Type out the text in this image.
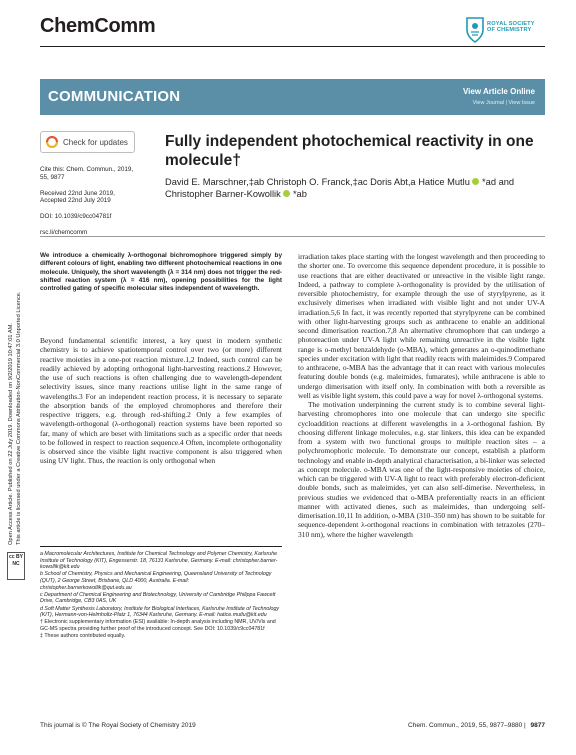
ChemComm	ROYAL SOCIETY
OF CHEMISTRY
COMMUNICATION	View Article Online
View Journal | View Issue
Check for updates
Cite this: Chem. Commun., 2019,
55, 9877
Received 22nd June 2019,
Accepted 22nd July 2019
DOI: 10.1039/c9cc04781f
rsc.li/chemcomm
Fully independent photochemical reactivity in one
molecule†
David E. Marschner,‡ab Christoph O. Franck,‡ac Doris Abt,a Hatice Mutlu *ad and
Christopher Barner-Kowollik *ab
We introduce a chemically λ-orthogonal bichromophore triggered simply by different colours of light, enabling two different photochemical reactions in one molecule. Uniquely, the short wavelength (λ = 314 nm) does not trigger the red-shifted reaction system (λ = 416 nm), opening possibilities for the light controlled gating of specific molecular sites independent of wavelength.

Beyond fundamental scientific interest, a key quest in modern synthetic chemistry is to achieve spatiotemporal control over two (or more) different reactive moieties in a one-pot reaction mixture.1,2 Indeed, such control can be readily achieved by adopting orthogonal light-harvesting reactions.2 However, the use of such reactions is often challenging due to wavelength-dependent selectivity issues, since many reactions utilise light in the same range of wavelengths.3 For an independent reaction process, it is necessary to separate the absorption bands of the employed chromophores and therefore their respective triggers, e.g. through red-shifting.2 Only a few examples of wavelength-orthogonal (λ-orthogonal) reaction systems have been reported so far, many of which are beset with limitations such as a specific order that needs to be followed in respect to reaction sequence.4 Often, incomplete orthogonality is observed since the visible light reactive component is also triggered when using UV light. Thus, the reaction is only orthogonal when

irradiation takes place starting with the longest wavelength and then proceeding to the shorter one. To overcome this sequence dependent procedure, it is possible to use reactions that are either deactivated or unreactive in the visible light range. Indeed, a pathway to complete λ-orthogonality is provided by the utilisation of reversible photochemistry, for example through the use of styrylpyrene, as it exclusively dimerises when irradiated with visible light and not under UV-A irradiation.5,6 In fact, it was recently reported that styrylpyrene can be combined with other light-harvesting groups such as anthracene to enable an additional second dimerisation reaction.7,8 An alternative chromophore that can undergo a photoreaction under UV-A light while remaining unreactive in the visible light range is o-methyl benzaldehyde (o-MBA), which generates an o-quinodimethane species under excitation with light that readily reacts with maleimides.9 Compared to anthracene, o-MBA has the advantage that it can react with various molecules featuring double bonds (e.g. maleimides, fumarates), while anthracene is able to undergo dimerisation with itself only. In combination with both a reversible as well as visible light system, this could pave a way for novel λ-orthogonal systems.

The motivation underpinning the current study is to combine several light-harvesting chromophores into one molecule that can undergo site specific cycloaddition reactions at different wavelengths in a λ-orthogonal fashion. By choosing different linkage molecules, e.g. star linkers, this idea can be expanded from a system with two functional groups to multiple reaction sites – a polychromophoric molecule. To demonstrate our concept, establish a platform technology and enable in-depth analytical characterisation, a bi-linker was selected as concept molecule. o-MBA was one of the light-responsive moieties of choice, which can be triggered with UV-A light to react with preferably electron-deficient double bonds, such as maleimides, yet can also self-dimerise. Nevertheless, in previous studies we evidenced that o-MBA preferentially reacts in an efficient manner with activated dienes, such as maleimides, than undergoing self-dimerisation.10,11 In addition, o-MBA (310–350 nm) has shown to be suitable for sequence-dependent λ-orthogonal reactions in combination with tetrazoles (270–310 nm), where the higher wavelength

a Macromolecular Architectures, Institute for Chemical Technology and Polymer Chemistry, Karlsruhe Institute of Technology (KIT), Engesserstr. 18, 76131 Karlsruhe, Germany. E-mail: christopher.barner-kowollik@kit.edu
b School of Chemistry, Physics and Mechanical Engineering, Queensland University of Technology (QUT), 2 George Street, Brisbane, QLD 4000, Australia. E-mail: christopher.barnerkowollik@qut.edu.au
c Department of Chemical Engineering and Biotechnology, University of Cambridge Philippa Fawcett Drive, Cambridge, CB3 0AS, UK
d Soft Matter Synthesis Laboratory, Institute for Biological Interfaces, Karlsruhe Institute of Technology (KIT), Hermann-von-Helmholtz-Platz 1, 76344 Karlsruhe, Germany. E-mail: hatice.mutlu@kit.edu
† Electronic supplementary information (ESI) available: In-depth analysis including NMR, UV/Vis and GC-MS spectra providing further proof of the introduced concept. See DOI: 10.1039/c9cc04781f
‡ These authors contributed equally.
Open Access Article. Published on 22 July 2019. Downloaded on 9/2/2019 10:47:01 AM. This article is licensed under a Creative Commons Attribution-NonCommercial 3.0 Unported Licence.
cc BY NC
This journal is © The Royal Society of Chemistry 2019	Chem. Commun., 2019, 55, 9877–9880 | 9877
